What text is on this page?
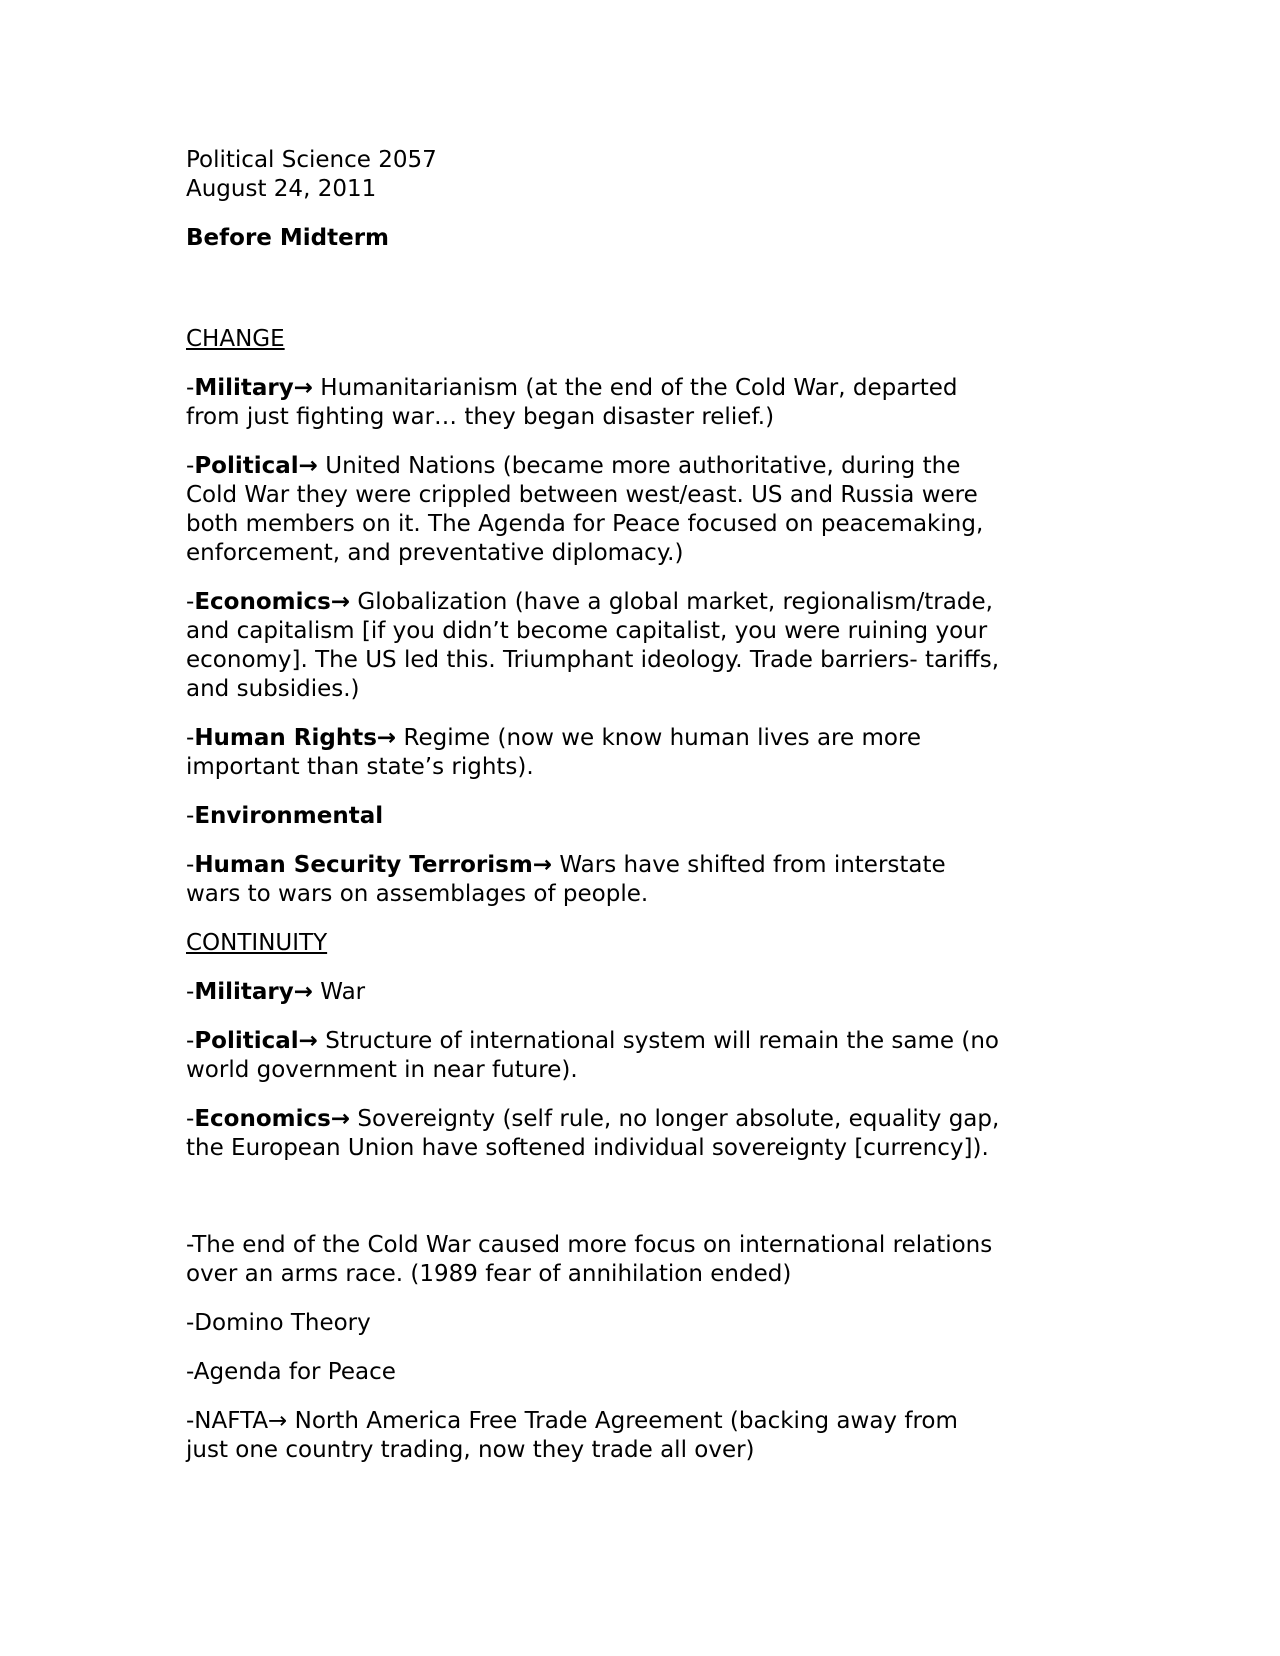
Political Science 2057

August 24, 2011

Before Midterm

CHANGE

-Military→ Humanitarianism (at the end of the Cold War, departed

from just fighting war… they began disaster relief.)

-Political→ United Nations (became more authoritative, during the

Cold War they were crippled between west/east. US and Russia were

both members on it. The Agenda for Peace focused on peacemaking,

enforcement, and preventative diplomacy.)

-Economics→ Globalization (have a global market, regionalism/trade,

and capitalism [if you didn’t become capitalist, you were ruining your

economy]. The US led this. Triumphant ideology. Trade barriers- tariffs,

and subsidies.)

-Human Rights→ Regime (now we know human lives are more

important than state’s rights).

-Environmental

-Human Security Terrorism→ Wars have shifted from interstate

wars to wars on assemblages of people.

CONTINUITY

-Military→ War

-Political→ Structure of international system will remain the same (no

world government in near future).

-Economics→ Sovereignty (self rule, no longer absolute, equality gap,

the European Union have softened individual sovereignty [currency]).

-The end of the Cold War caused more focus on international relations

over an arms race. (1989 fear of annihilation ended)

-Domino Theory

-Agenda for Peace

-NAFTA→ North America Free Trade Agreement (backing away from

just one country trading, now they trade all over)
